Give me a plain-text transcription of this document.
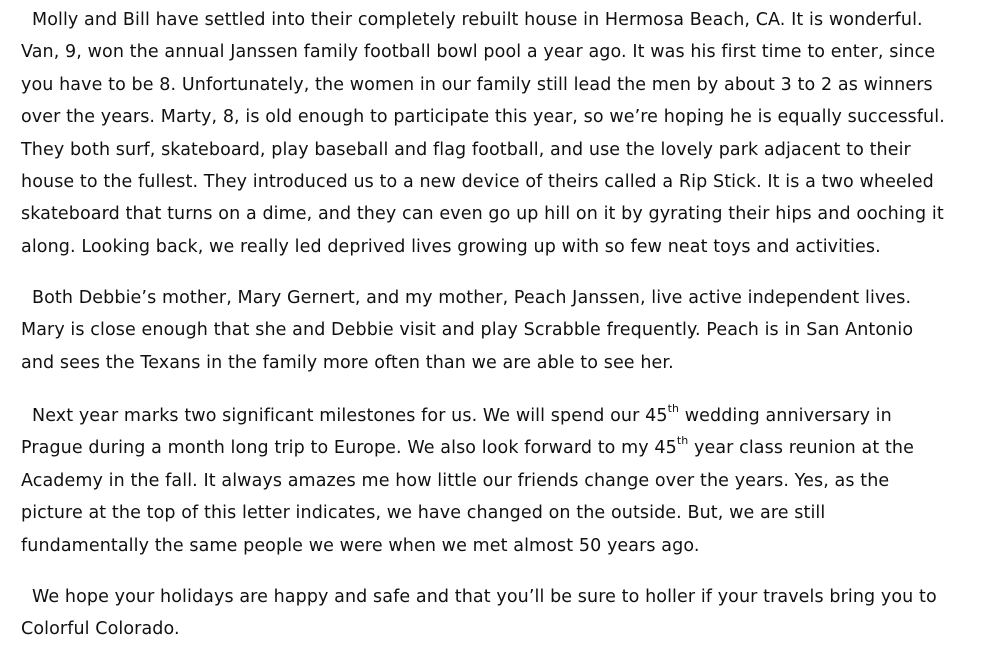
Molly and Bill have settled into their completely rebuilt house in Hermosa Beach, CA. It is wonderful.
Van, 9, won the annual Janssen family football bowl pool a year ago. It was his first time to enter, since
you have to be 8. Unfortunately, the women in our family still lead the men by about 3 to 2 as winners
over the years. Marty, 8, is old enough to participate this year, so we’re hoping he is equally successful.
They both surf, skateboard, play baseball and flag football, and use the lovely park adjacent to their
house to the fullest. They introduced us to a new device of theirs called a Rip Stick. It is a two wheeled
skateboard that turns on a dime, and they can even go up hill on it by gyrating their hips and ooching it
along. Looking back, we really led deprived lives growing up with so few neat toys and activities.
Both Debbie’s mother, Mary Gernert, and my mother, Peach Janssen, live active independent lives.
Mary is close enough that she and Debbie visit and play Scrabble frequently. Peach is in San Antonio
and sees the Texans in the family more often than we are able to see her.
Next year marks two significant milestones for us. We will spend our 45th wedding anniversary in
Prague during a month long trip to Europe. We also look forward to my 45th year class reunion at the
Academy in the fall. It always amazes me how little our friends change over the years. Yes, as the
picture at the top of this letter indicates, we have changed on the outside. But, we are still
fundamentally the same people we were when we met almost 50 years ago.
We hope your holidays are happy and safe and that you’ll be sure to holler if your travels bring you to
Colorful Colorado.
